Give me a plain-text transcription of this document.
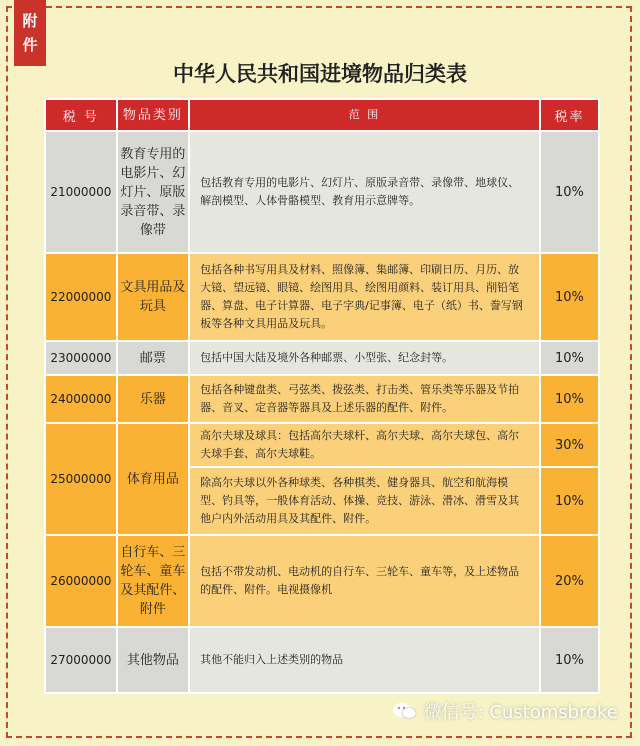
附
件
中华人民共和国进境物品归类表
税 号	物品类别	范 围	税率
21000000	教育专用的电影片、幻灯片、原版录音带、录像带	包括教育专用的电影片、幻灯片、原版录音带、录像带、地球仪、解剖模型、人体骨骼模型、教育用示意牌等。	10%
22000000	文具用品及玩具	包括各种书写用具及材料、照像簿、集邮簿、印刷日历、月历、放大镜、望远镜、眼镜、绘图用具、绘图用颜料、装订用具、削铅笔器、算盘、电子计算器、电子字典/记事簿、电子（纸）书、誊写钢板等各种文具用品及玩具。	10%
23000000	邮票	包括中国大陆及境外各种邮票、小型张、纪念封等。	10%
24000000	乐器	包括各种键盘类、弓弦类、拨弦类、打击类、管乐类等乐器及节拍器、音叉、定音器等器具及上述乐器的配件、附件。	10%
25000000	体育用品	高尔夫球及球具：包括高尔夫球杆、高尔夫球、高尔夫球包、高尔夫球手套、高尔夫球鞋。	30%
		除高尔夫球以外各种球类、各种棋类、健身器具、航空和航海模型、钓具等，一般体育活动、体操、竞技、游泳、滑冰、滑雪及其他户内外活动用具及其配件、附件。	10%
26000000	自行车、三轮车、童车及其配件、附件	包括不带发动机、电动机的自行车、三轮车、童车等，及上述物品的配件、附件。电视摄像机	20%
27000000	其他物品	其他不能归入上述类别的物品	10%
微信号: Customsbroke
